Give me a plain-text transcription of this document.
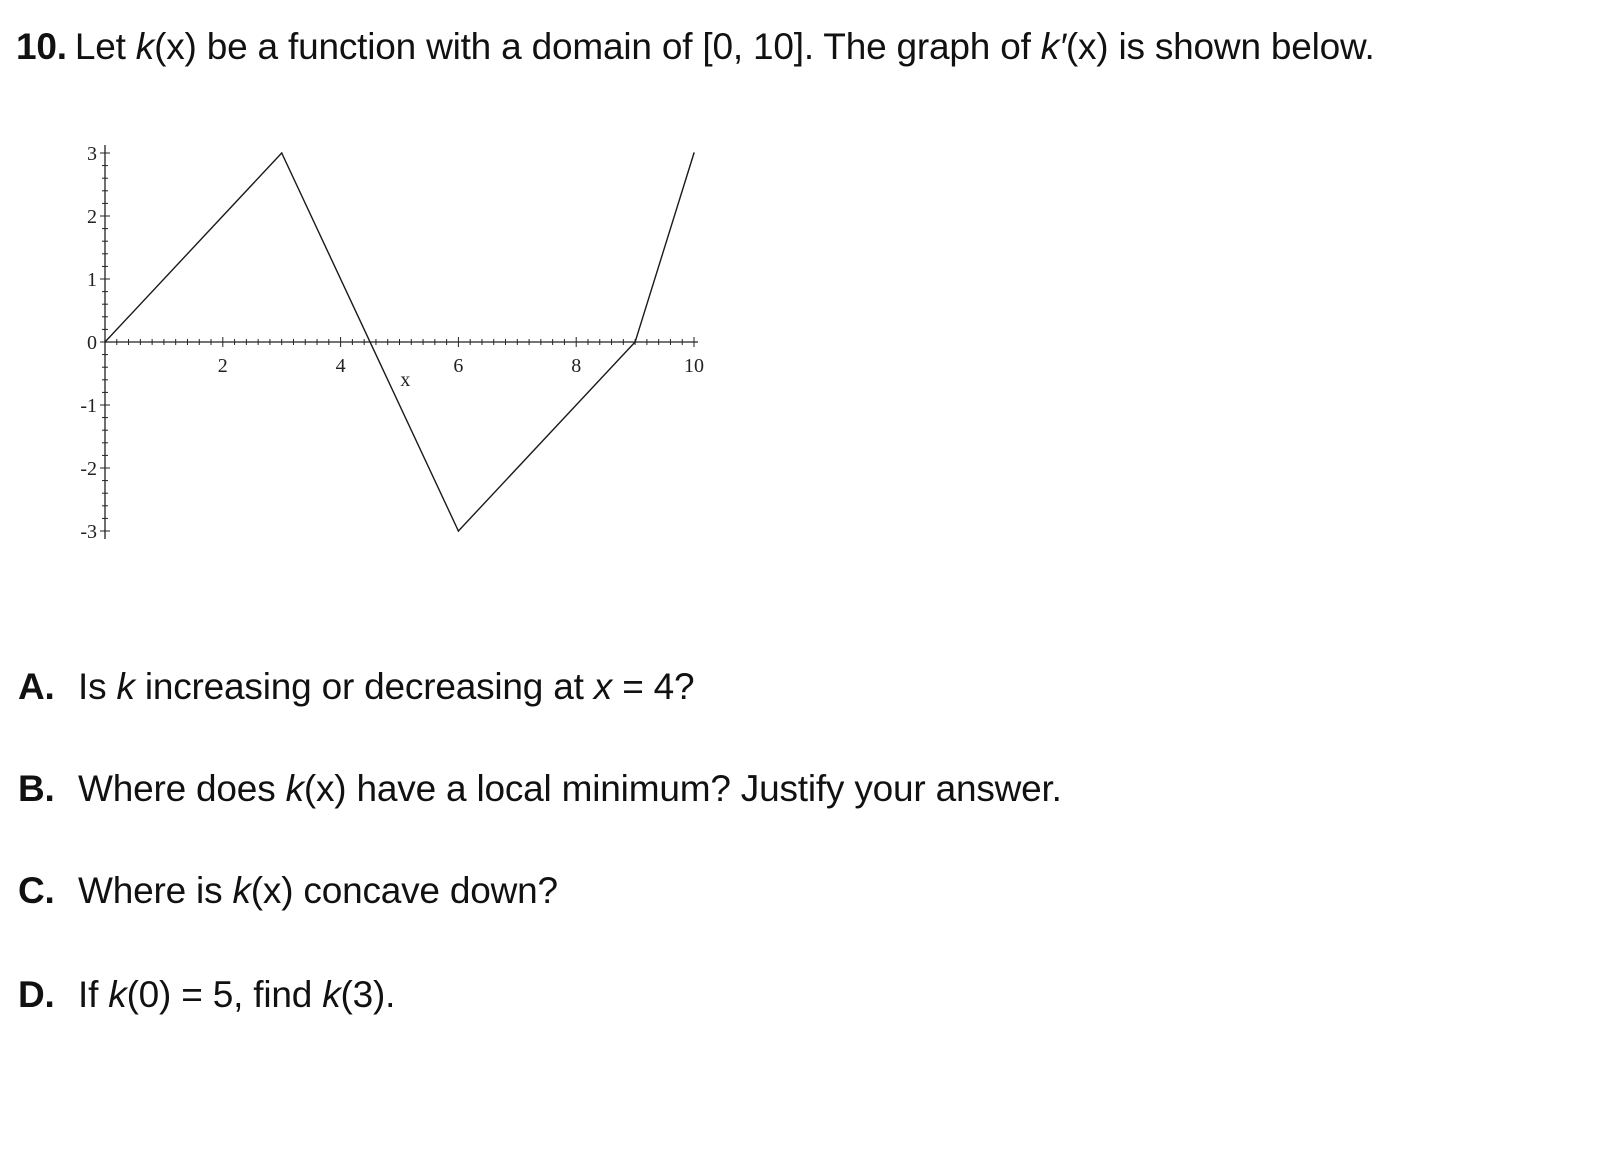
10. Let k(x) be a function with a domain of [0, 10]. The graph of k′(x) is shown below.
2	4	6	8	10
3
2
1
0
-1
-2
-3
x
A. Is k increasing or decreasing at x = 4?
B. Where does k(x) have a local minimum? Justify your answer.
C. Where is k(x) concave down?
D. If k(0) = 5, find k(3).
